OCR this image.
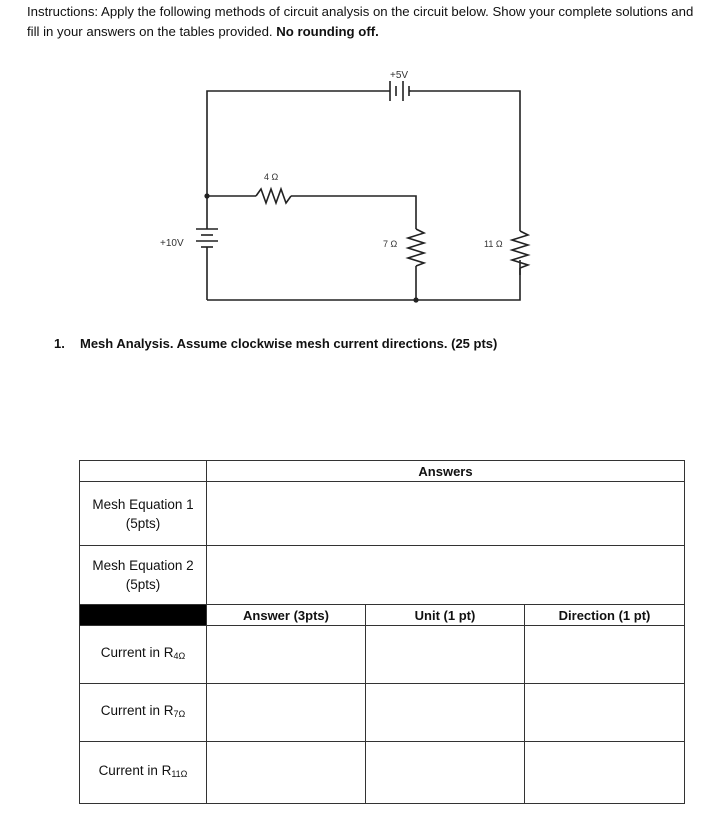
Instructions: Apply the following methods of circuit analysis on the circuit below. Show your complete solutions and fill in your answers on the tables provided. No rounding off.
+5V
+10V
4 Ω
7 Ω	11 Ω
1. Mesh Analysis. Assume clockwise mesh current directions. (25 pts)
	Answers		

Mesh Equation 1
(5pts)			

Mesh Equation 2
(5pts)			

	Answer (3pts)	Unit (1 pt)	Direction (1 pt)
Current in $R_{4\Omega}$			
Current in $R_{7\Omega}$			
Current in $R_{11\Omega}$			
